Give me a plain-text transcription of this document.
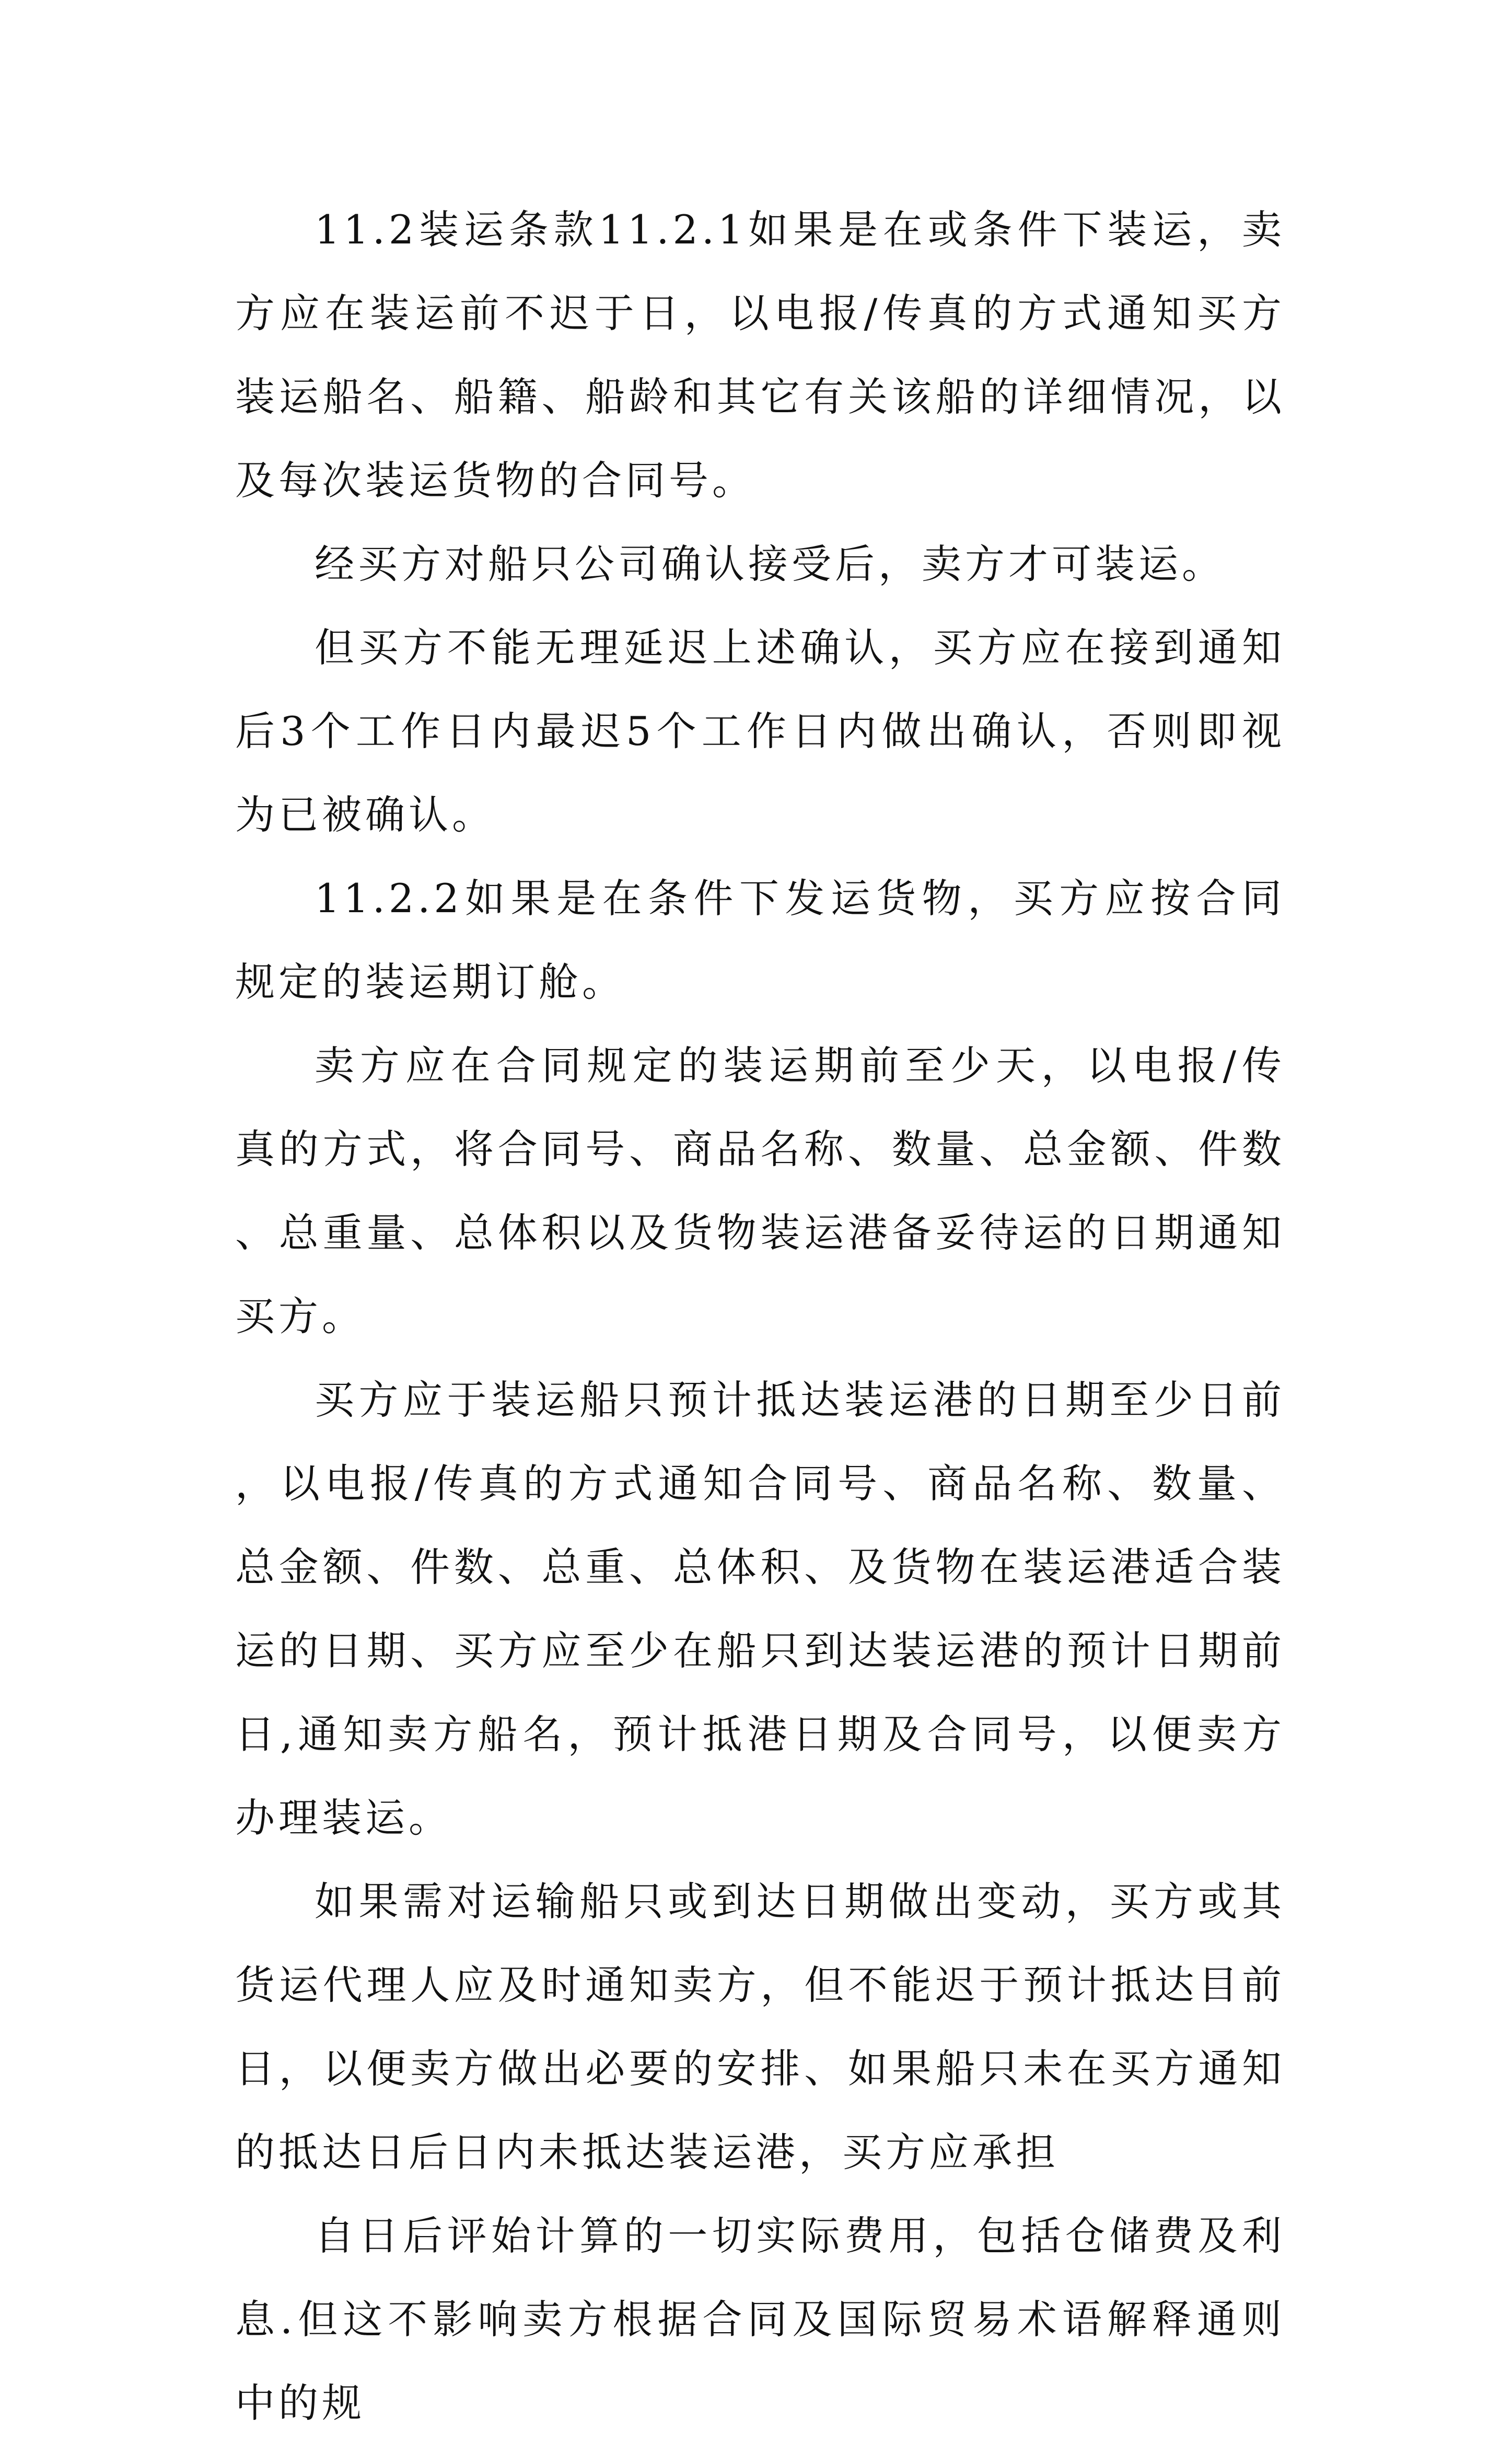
11.2装运条款11.2.1如果是在或条件下装运，卖方应在装运前不迟于日，以电报/传真的方式通知买方装运船名、船籍、船龄和其它有关该船的详细情况，以及每次装运货物的合同号。

经买方对船只公司确认接受后，卖方才可装运。

但买方不能无理延迟上述确认，买方应在接到通知后3个工作日内最迟5个工作日内做出确认，否则即视为已被确认。

11.2.2如果是在条件下发运货物，买方应按合同规定的装运期订舱。

卖方应在合同规定的装运期前至少天，以电报/传真的方式，将合同号、商品名称、数量、总金额、件数、总重量、总体积以及货物装运港备妥待运的日期通知买方。

买方应于装运船只预计抵达装运港的日期至少日前，以电报/传真的方式通知合同号、商品名称、数量、总金额、件数、总重、总体积、及货物在装运港适合装运的日期、买方应至少在船只到达装运港的预计日期前日,通知卖方船名，预计抵港日期及合同号，以便卖方办理装运。

如果需对运输船只或到达日期做出变动，买方或其货运代理人应及时通知卖方，但不能迟于预计抵达目前日，以便卖方做出必要的安排、如果船只未在买方通知的抵达日后日内未抵达装运港，买方应承担

自日后评始计算的一切实际费用，包括仓储费及利息.但这不影响卖方根据合同及国际贸易术语解释通则中的规
